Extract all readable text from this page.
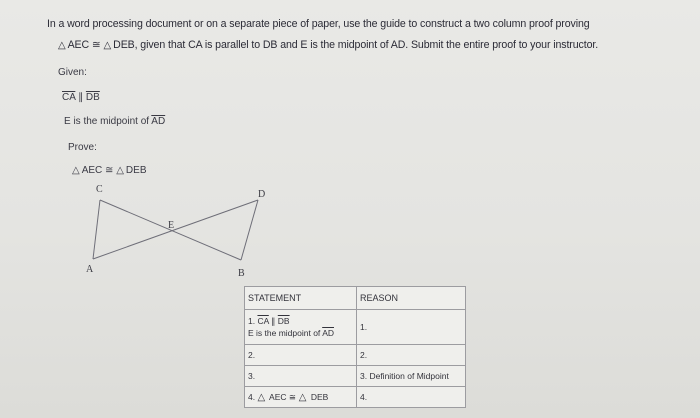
In a word processing document or on a separate piece of paper, use the guide to construct a two column proof proving
△ AEC ≅ △ DEB, given that CA is parallel to DB and E is the midpoint of AD. Submit the entire proof to your instructor.
Given:
$\overline{CA}$ ∥ $\overline{DB}$
E is the midpoint of $\overline{AD}$
Prove:
△ AEC ≅ △ DEB
C	D
E
A	B
STATEMENT	REASON

1. $\overline{CA}$ ∥ $\overline{DB}$
E is the midpoint of $\overline{AD}$	1.
2.	2.
3.	3. Definition of Midpoint
4. △ AEC ≅ △ DEB	4.
